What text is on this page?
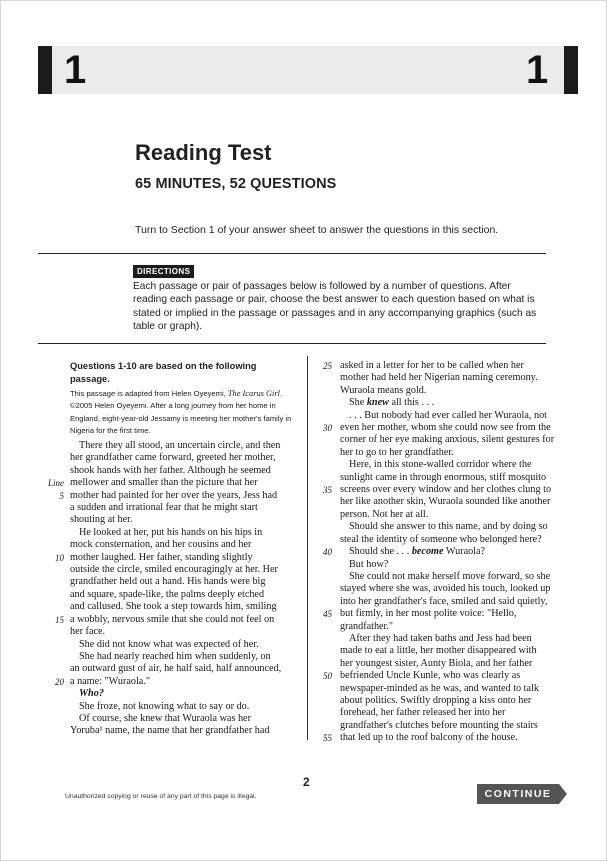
1	1
Reading Test
65 MINUTES, 52 QUESTIONS
Turn to Section 1 of your answer sheet to answer the questions in this section.
DIRECTIONS
Each passage or pair of passages below is followed by a number of questions. After reading each passage or pair, choose the best answer to each question based on what is stated or implied in the passage or passages and in any accompanying graphics (such as table or graph).
Questions 1-10 are based on the following passage.
This passage is adapted from Helen Oyeyemi, The Icarus Girl. ©2005 Helen Oyeyemi. After a long journey from her home in England, eight-year-old Jessamy is meeting her mother's family in Nigeria for the first time.
There they all stood, an uncertain circle, and then
her grandfather came forward, greeted her mother,
shook hands with her father. Although he seemed
Line mellower and smaller than the picture that her
5 mother had painted for her over the years, Jess had
a sudden and irrational fear that he might start
shouting at her.
He looked at her, put his hands on his hips in
mock consternation, and her cousins and her
10 mother laughed. Her father, standing slightly
outside the circle, smiled encouragingly at her. Her
grandfather held out a hand. His hands were big
and square, spade-like, the palms deeply etched
and callused. She took a step towards him, smiling
15 a wobbly, nervous smile that she could not feel on
her face.
She did not know what was expected of her.
She had nearly reached him when suddenly, on
an outward gust of air, he half said, half announced,
20 a name: "Wuraola."
Who?
She froze, not knowing what to say or do.
Of course, she knew that Wuraola was her
Yoruba¹ name, the name that her grandfather had
25 asked in a letter for her to be called when her
mother had held her Nigerian naming ceremony.
Wuraola means gold.
She knew all this . . .
. . . But nobody had ever called her Wuraola, not
30 even her mother, whom she could now see from the
corner of her eye making anxious, silent gestures for
her to go to her grandfather.
Here, in this stone-walled corridor where the
sunlight came in through enormous, stiff mosquito
35 screens over every window and her clothes clung to
her like another skin, Wuraola sounded like another
person. Not her at all.
Should she answer to this name, and by doing so
steal the identity of someone who belonged here?
40 Should she . . . become Wuraola?
But how?
She could not make herself move forward, so she
stayed where she was, avoided his touch, looked up
into her grandfather's face, smiled and said quietly,
45 but firmly, in her most polite voice: "Hello,
grandfather."
After they had taken baths and Jess had been
made to eat a little, her mother disappeared with
her youngest sister, Aunty Biola, and her father
50 befriended Uncle Kunle, who was clearly as
newspaper-minded as he was, and wanted to talk
about politics. Swiftly dropping a kiss onto her
forehead, her father released her into her
grandfather's clutches before mounting the stairs
55 that led up to the roof balcony of the house.
2
Unauthorized copying or reuse of any part of this page is illegal.	CONTINUE
